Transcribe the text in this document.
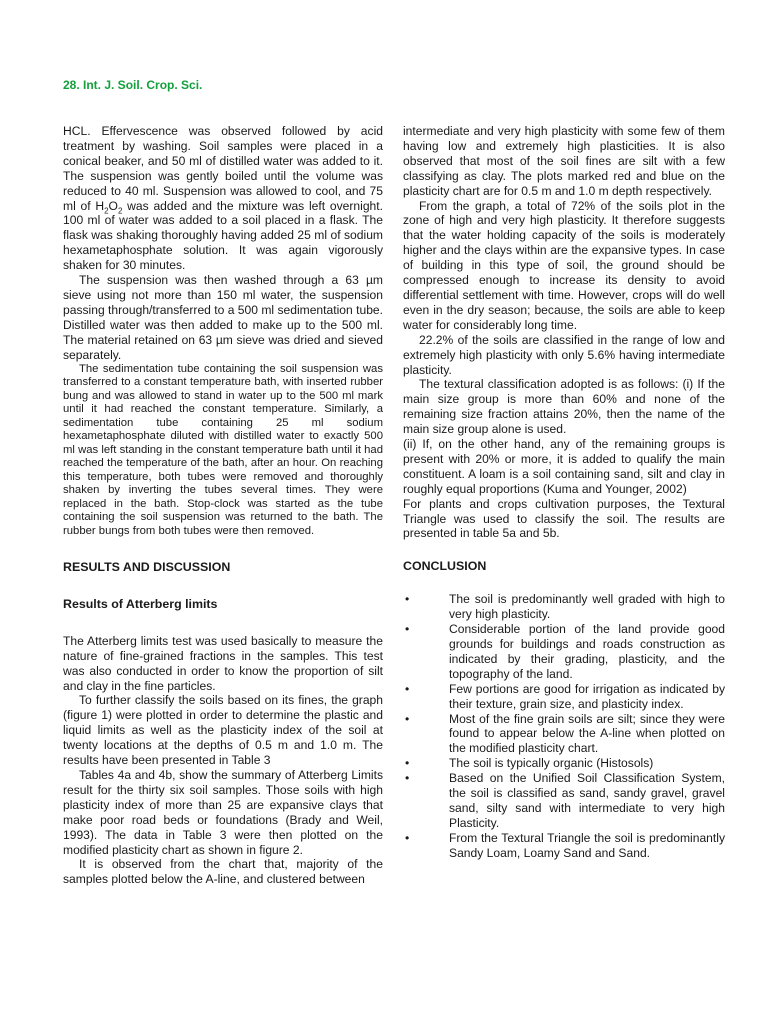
28. Int. J. Soil. Crop. Sci.

HCL. Effervescence was observed followed by acid treatment by washing. Soil samples were placed in a conical beaker, and 50 ml of distilled water was added to it. The suspension was gently boiled until the volume was reduced to 40 ml. Suspension was allowed to cool, and 75 ml of $H_2O_2$ was added and the mixture was left overnight. 100 ml of water was added to a soil placed in a flask. The flask was shaking thoroughly having added 25 ml of sodium hexametaphosphate solution. It was again vigorously shaken for 30 minutes.

The suspension was then washed through a 63 µm sieve using not more than 150 ml water, the suspension passing through/transferred to a 500 ml sedimentation tube. Distilled water was then added to make up to the 500 ml. The material retained on 63 µm sieve was dried and sieved separately.

The sedimentation tube containing the soil suspension was transferred to a constant temperature bath, with inserted rubber bung and was allowed to stand in water up to the 500 ml mark until it had reached the constant temperature. Similarly, a sedimentation tube containing 25 ml sodium hexametaphosphate diluted with distilled water to exactly 500 ml was left standing in the constant temperature bath until it had reached the temperature of the bath, after an hour. On reaching this temperature, both tubes were removed and thoroughly shaken by inverting the tubes several times. They were replaced in the bath. Stop-clock was started as the tube containing the soil suspension was returned to the bath. The rubber bungs from both tubes were then removed.

RESULTS AND DISCUSSION

Results of Atterberg limits

The Atterberg limits test was used basically to measure the nature of fine-grained fractions in the samples. This test was also conducted in order to know the proportion of silt and clay in the fine particles.

To further classify the soils based on its fines, the graph (figure 1) were plotted in order to determine the plastic and liquid limits as well as the plasticity index of the soil at twenty locations at the depths of 0.5 m and 1.0 m. The results have been presented in Table 3

Tables 4a and 4b, show the summary of Atterberg Limits result for the thirty six soil samples. Those soils with high plasticity index of more than 25 are expansive clays that make poor road beds or foundations (Brady and Weil, 1993). The data in Table 3 were then plotted on the modified plasticity chart as shown in figure 2.

It is observed from the chart that, majority of the samples plotted below the A-line, and clustered between

intermediate and very high plasticity with some few of them having low and extremely high plasticities. It is also observed that most of the soil fines are silt with a few classifying as clay. The plots marked red and blue on the plasticity chart are for 0.5 m and 1.0 m depth respectively.

From the graph, a total of 72% of the soils plot in the zone of high and very high plasticity. It therefore suggests that the water holding capacity of the soils is moderately higher and the clays within are the expansive types. In case of building in this type of soil, the ground should be compressed enough to increase its density to avoid differential settlement with time. However, crops will do well even in the dry season; because, the soils are able to keep water for considerably long time.

22.2% of the soils are classified in the range of low and extremely high plasticity with only 5.6% having intermediate plasticity.

The textural classification adopted is as follows: (i) If the main size group is more than 60% and none of the remaining size fraction attains 20%, then the name of the main size group alone is used.

(ii) If, on the other hand, any of the remaining groups is present with 20% or more, it is added to qualify the main constituent. A loam is a soil containing sand, silt and clay in roughly equal proportions (Kuma and Younger, 2002)

For plants and crops cultivation purposes, the Textural Triangle was used to classify the soil. The results are presented in table 5a and 5b.

CONCLUSION

•	The soil is predominantly well graded with high to very high plasticity.
•	Considerable portion of the land provide good grounds for buildings and roads construction as indicated by their grading, plasticity, and the topography of the land.
•	Few portions are good for irrigation as indicated by their texture, grain size, and plasticity index.
•	Most of the fine grain soils are silt; since they were found to appear below the A-line when plotted on the modified plasticity chart.
•	The soil is typically organic (Histosols)
•	Based on the Unified Soil Classification System, the soil is classified as sand, sandy gravel, gravel sand, silty sand with intermediate to very high Plasticity.
•	From the Textural Triangle the soil is predominantly Sandy Loam, Loamy Sand and Sand.
